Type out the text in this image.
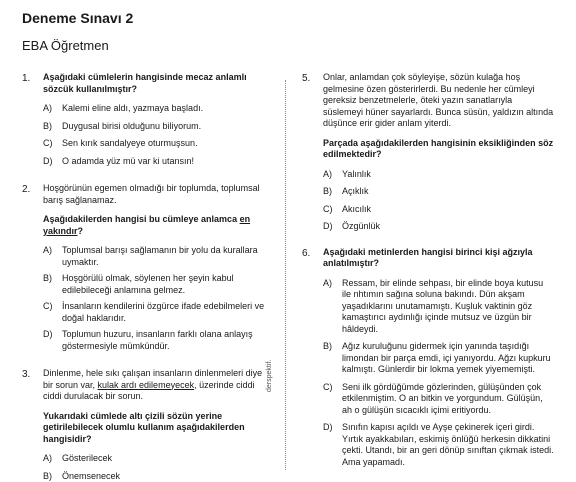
Deneme Sınavı 2
EBA Öğretmen
1. Aşağıdaki cümlelerin hangisinde mecaz anlamlı sözcük kullanılmıştır?

A) Kalemi eline aldı, yazmaya başladı.

B) Duygusal birisi olduğunu biliyorum.

C) Sen kırık sandalyeye oturmuşsun.

D) O adamda yüz mü var ki utansın!

2. Hoşgörünün egemen olmadığı bir toplumda, toplumsal barış sağlanamaz.

Aşağıdakilerden hangisi bu cümleye anlamca en yakındır?

A) Toplumsal barışı sağlamanın bir yolu da kurallara uymaktır.

B) Hoşgörülü olmak, söylenen her şeyin kabul edilebileceği anlamına gelmez.

C) İnsanların kendilerini özgürce ifade edebilmeleri ve doğal haklarıdır.

D) Toplumun huzuru, insanların farklı olana anlayış göstermesiyle mümkündür.

3. Dinlenme, hele sıkı çalışan insanların dinlenmeleri diye bir sorun var, kulak ardı edilemeyecek, üzerinde ciddi ciddi durulacak bir sorun.

Yukarıdaki cümlede altı çizili sözün yerine getirilebilecek olumlu kullanım aşağıdakilerden hangisidir?

A) Gösterilecek

B) Önemsenecek

derspektif.
5. Onlar, anlamdan çok söyleyişe, sözün kulağa hoş gelmesine özen gösterirlerdi. Bu nedenle her cümleyi gereksiz benzetmelerle, öteki yazın sanatlarıyla süslemeyi hüner sayarlardı. Bunca süsün, yaldızın altında düşünce erir gider anlam yiterdi.

Parçada aşağıdakilerden hangisinin eksikliğinden söz edilmektedir?

A) Yalınlık

B) Açıklık

C) Akıcılık

D) Özgünlük

6. Aşağıdaki metinlerden hangisi birinci kişi ağzıyla anlatılmıştır?

A) Ressam, bir elinde sehpası, bir elinde boya kutusu ile nhtımın sağına soluna bakındı. Dün akşam yaşadıklarını unutamamıştı. Kuşluk vaktinin göz kamaştırıcı aydınlığı içinde mutsuz ve üzgün bir hâldeydi.

B) Ağız kuruluğunu gidermek için yanında taşıdığı limondan bir parça emdi, içi yanıyordu. Ağzı kupkuru kalmıştı. Günlerdir bir lokma yemek yiyememişti.

C) Seni ilk gördüğümde gözlerinden, gülüşünden çok etkilenmiştim. O an bitkin ve yorgundum. Gülüşün, ah o gülüşün sıcacıklı içimi eritiyordu.

D) Sınıfın kapısı açıldı ve Ayşe çekinerek içeri girdi. Yırtık ayakkabıları, eskimiş önlüğü herkesin dikkatini çekti. Utandı, bir an geri dönüp sınıftan çıkmak istedi. Ama yapamadı.
